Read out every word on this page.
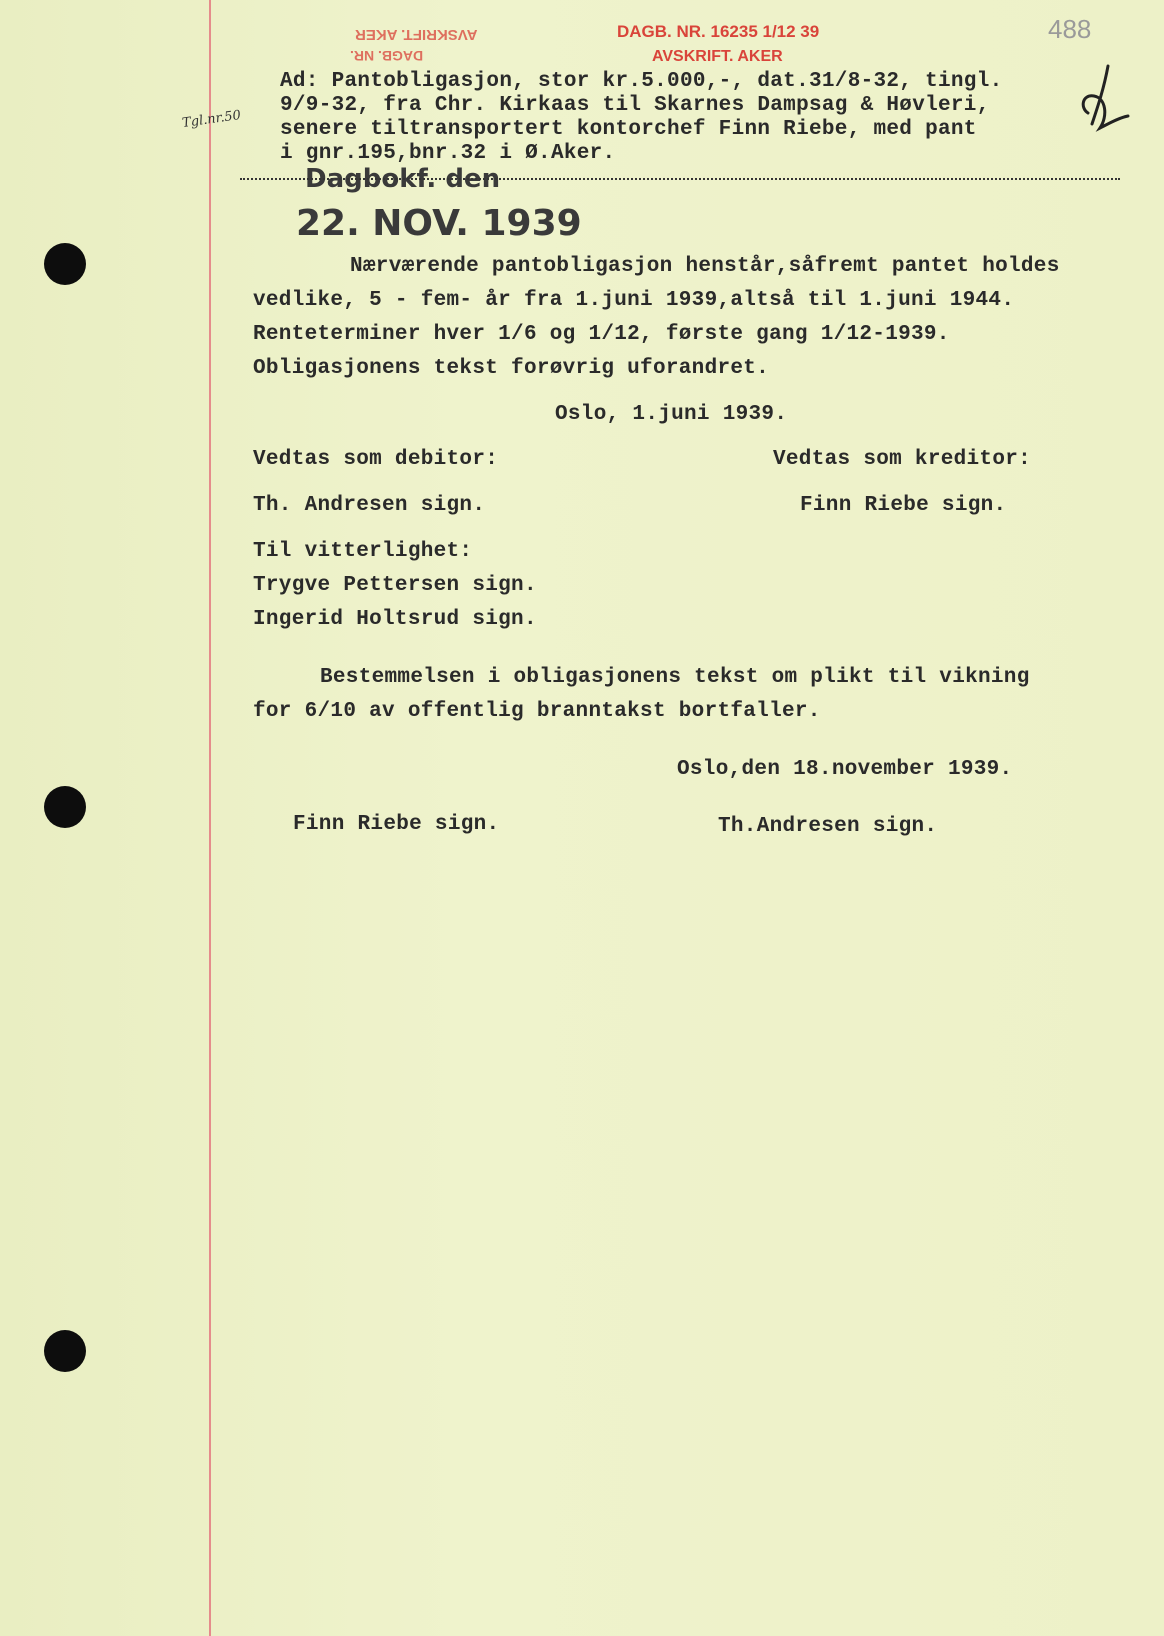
488
AVSKRIFT. AKER
DAGB. NR.
DAGB. NR. 16235 1/12 39
AVSKRIFT. AKER
Tgl.nr.50
Ad: Pantobligasjon, stor kr.5.000,-, dat.31/8-32, tingl.
9/9-32, fra Chr. Kirkaas til Skarnes Dampsag & Høvleri,
senere tiltransportert kontorchef Finn Riebe, med pant
i gnr.195,bnr.32 i Ø.Aker.
Dagbokf. den
22. NOV. 1939
Nærværende pantobligasjon henstår,såfremt pantet holdes
vedlike, 5 - fem- år fra 1.juni 1939,altså til 1.juni 1944.
Renteterminer hver 1/6 og 1/12, første gang 1/12-1939.
Obligasjonens tekst forøvrig uforandret.
Oslo, 1.juni 1939.
Vedtas som debitor:	Vedtas som kreditor:
Th. Andresen sign.	Finn Riebe sign.
Til vitterlighet:
Trygve Pettersen sign.
Ingerid Holtsrud sign.
Bestemmelsen i obligasjonens tekst om plikt til vikning
for 6/10 av offentlig branntakst bortfaller.
Oslo,den 18.november 1939.
Finn Riebe sign.	Th.Andresen sign.
